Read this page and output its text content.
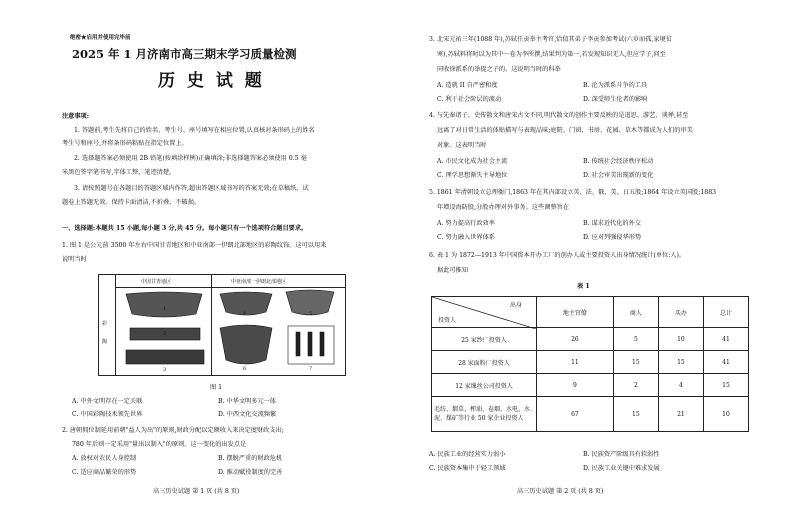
绝密★启用并使用完毕前
2025 年 1 月济南市高三期末学习质量检测
历 史 试 题
注意事项:
1. 答题前,考生先将自己的姓名、考生号、座号填写在相应位置,认真核对条形码上的姓名
考生号和座号,并将条形码粘贴在指定位置上。
2. 选择题答案必须使用 2B 铅笔(按填涂样例)正确填涂;非选择题答案必须使用 0.5 毫
米黑色签字笔书写,字体工整、笔迹清楚。
3. 请按照题号在各题目的答题区域内作答,超出答题区域书写的答案无效;在草稿纸、试
题卷上答题无效。保持卡面清洁,不折叠、不破损。
一、选择题:本题共 15 小题,每小题 3 分,共 45 分。每小题只有一个选项符合题目要求。
1. 图 1 是公元前 3500 年左右中国甘青地区和中亚南部一伊朗北部地区的彩陶纹饰。这可以用来
说明当时
中国甘青地区	中亚南部一伊朗北部地区
彩 陶
1
2
3
4	5
6	7
图 1
A. 中外文明存在一定关联	B. 中华文明多元一体
C. 中国彩陶技术领先世界	D. 中西文化交流频繁
2. 唐朝佣位制延用前朝"益人为出"的原则,财政分配以定额收入来决定度财政支出;
780 年后则一定采用"量出以制入"的原则。这一变化的出发点是
A. 放权对农民人身控制	B. 摆脱严重的财政危机
C. 适应商品繁荣的形势	D. 推动赋役制度的完善
高三历史试题 第 1 页 (共 8 页)
3. 北宋元祐三年(1088 年),苏轼任贡举主考官,恰值其弟子李贡参加考试(六岁而孤,家境贫
寒),苏轼料将时以为其中一卷为李所撰,结果判为第一,若发现知识无人,但应学子,问至
同收徐派系的举提之子的。这说明当时的科举
A. 造就 II 自严密和度	B. 沦为派系斗争的工具
C. 利于社会阶层的流动	D. 深受师生伦者的影响
4. 与先秦诸子、史传散文和唐宋古文不同,明代散文的创作主要反映的是追思、游艺、谈禅,甚至
远离了对日常生活的体贴描写与表现品味;庭院、门窗、书房、花园、草木等都成为人们的审美
对象。这表明当时
A. 市民文化成为社会主流	B. 传统社会经济秩序松动
C. 理学思想渐失主导地位	D. 社会审美出现新的变化
5. 1861 年清朝设立总理衙门,1863 年在其内部设立英、法、俄、美、日五股;1864 年设立英国股;1883
年增设海防股,分股办理对外事务。这些调整旨在
A. 努力提高行政效率	B. 谋求近代化的外交
C. 努力融入世界体系	D. 应对列强侵华形势
6. 表 1 为 1872—1913 年中国资本开办工厂的创办人或主要投资人出身情况统计(单位:人)。
据此可推知
表 1
出身
投资人	地主官僚	商人	买办	总计
25 家纱厂投资人	26	5	10	41
28 家面粉厂投资人	11	15	15	41
12 家缫丝公司投资人	9	2	4	15
毛纺、烟草、榨油、卷烟、水电、水泥、煤矿等行业 50 家企业投资人	67	15	21	10
A. 民族工业的经营实力弱小	B. 民族资产阶级具有软弱性
C. 民族资本集中于轻工领域	D. 民族工业关键中难求发展
高三历史试题 第 2 页 (共 8 页)
